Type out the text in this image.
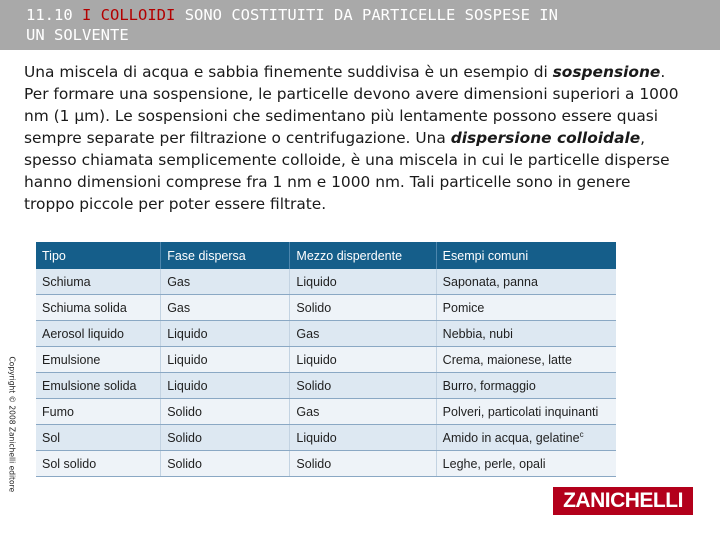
11.10 I COLLOIDI SONO COSTITUITI DA PARTICELLE SOSPESE IN
UN SOLVENTE

Una miscela di acqua e sabbia finemente suddivisa è un esempio di sospensione. Per formare una sospensione, le particelle devono avere dimensioni superiori a 1000 nm (1 µm). Le sospensioni che sedimentano più lentamente possono essere quasi sempre separate per filtrazione o centrifugazione. Una dispersione colloidale, spesso chiamata semplicemente colloide, è una miscela in cui le particelle disperse hanno dimensioni comprese fra 1 nm e 1000 nm. Tali particelle sono in genere troppo piccole per poter essere filtrate.

Tipo	Fase dispersa	Mezzo disperdente	Esempi comuni
Schiuma	Gas	Liquido	Saponata, panna
Schiuma solida	Gas	Solido	Pomice
Aerosol liquido	Liquido	Gas	Nebbia, nubi
Emulsione	Liquido	Liquido	Crema, maionese, latte
Emulsione solida	Liquido	Solido	Burro, formaggio
Fumo	Solido	Gas	Polveri, particolati inquinanti
Sol	Solido	Liquido	Amido in acqua, gelatine$^c$
Sol solido	Solido	Solido	Leghe, perle, opali
Copyright © 2008 Zanichelli editore
ZANICHELLI
